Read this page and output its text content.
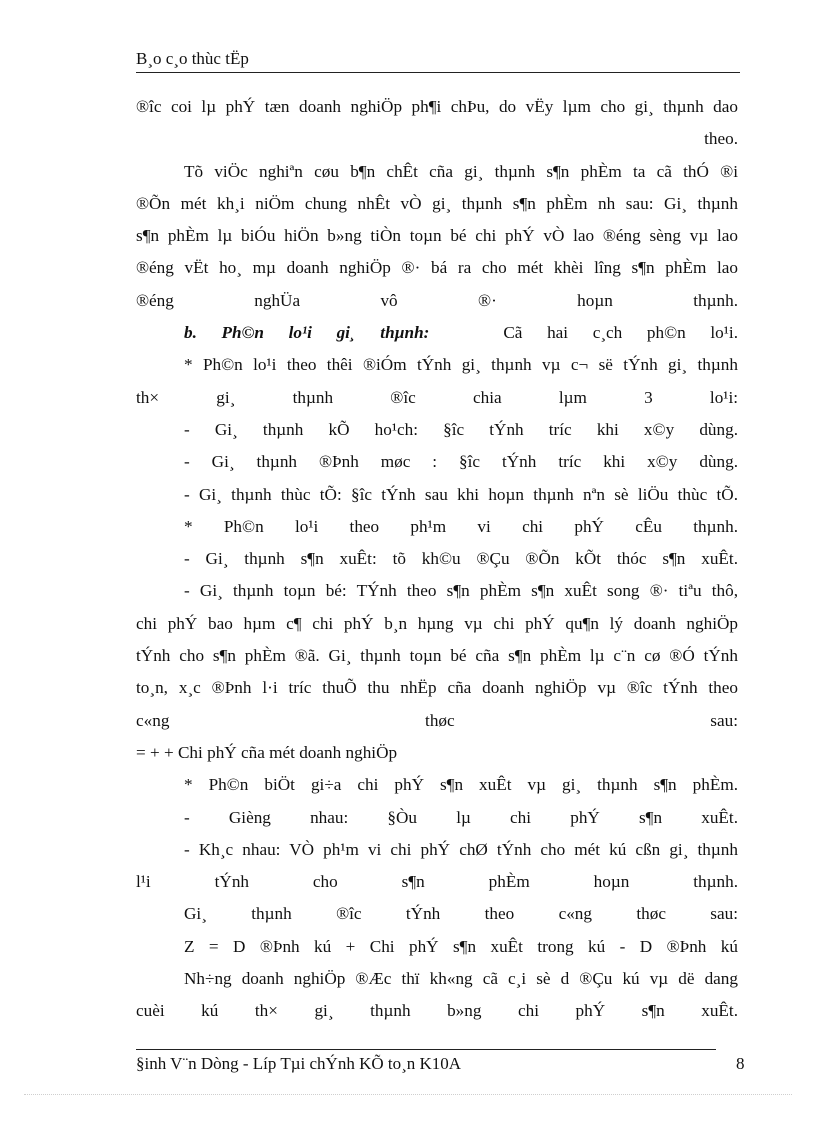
B¸o c¸o thùc tËp
®îc coi lµ phÝ tæn doanh nghiÖp ph¶i chÞu, do vËy lµm cho gi¸ thµnh dao
theo.
Tõ viÖc nghiªn cøu b¶n chÊt cña gi¸ thµnh s¶n phÈm ta cã thÓ ®i
®Õn mét kh¸i niÖm chung nhÊt vÒ gi¸ thµnh s¶n phÈm nh sau: Gi¸ thµnh
s¶n phÈm lµ biÓu hiÖn b»ng tiÒn toµn bé chi phÝ vÒ lao ®éng sèng vµ lao
®éng vËt ho¸ mµ doanh nghiÖp ®· bá ra cho mét khèi lîng s¶n phÈm lao
®éng nghÜa vô ®· hoµn thµnh.
b. Ph©n lo¹i gi¸ thµnh:	Cã hai c¸ch ph©n lo¹i.
* Ph©n lo¹i theo thêi ®iÓm tÝnh gi¸ thµnh vµ c¬ së tÝnh gi¸ thµnh
th× gi¸ thµnh ®îc chia lµm 3 lo¹i:
- Gi¸ thµnh kÕ ho¹ch: §îc tÝnh tríc khi x©y dùng.
- Gi¸ thµnh ®Þnh møc : §îc tÝnh tríc khi x©y dùng.
- Gi¸ thµnh thùc tÕ: §îc tÝnh sau khi hoµn thµnh nªn sè liÖu thùc tÕ.
* Ph©n lo¹i theo ph¹m vi chi phÝ cÊu thµnh.
- Gi¸ thµnh s¶n xuÊt: tõ kh©u ®Çu ®Õn kÕt thóc s¶n xuÊt.
- Gi¸ thµnh toµn bé: TÝnh theo s¶n phÈm s¶n xuÊt song ®· tiªu thô,
chi phÝ bao hµm c¶ chi phÝ b¸n hµng vµ chi phÝ qu¶n lý doanh nghiÖp
tÝnh cho s¶n phÈm ®ã. Gi¸ thµnh toµn bé cña s¶n phÈm lµ c¨n cø ®Ó tÝnh
to¸n, x¸c ®Þnh l·i tríc thuÕ thu nhËp cña doanh nghiÖp vµ ®îc tÝnh theo
c«ng thøc sau:
= + + Chi phÝ cña mét doanh nghiÖp
* Ph©n biÖt gi÷a chi phÝ s¶n xuÊt vµ gi¸ thµnh s¶n phÈm.
- Gièng nhau: §Òu lµ chi phÝ s¶n xuÊt.
- Kh¸c nhau: VÒ ph¹m vi chi phÝ chØ tÝnh cho mét kú cßn gi¸ thµnh
l¹i tÝnh cho s¶n phÈm hoµn thµnh.
Gi¸ thµnh ®îc tÝnh theo c«ng thøc sau:
Z = D ®Þnh kú + Chi phÝ s¶n xuÊt trong kú - D ®Þnh kú
Nh÷ng doanh nghiÖp ®Æc thï kh«ng cã c¸i sè d ®Çu kú vµ dë dang
cuèi kú th× gi¸ thµnh b»ng chi phÝ s¶n xuÊt.
§inh V¨n Dòng - Líp Tµi chÝnh KÕ to¸n K10A	8
